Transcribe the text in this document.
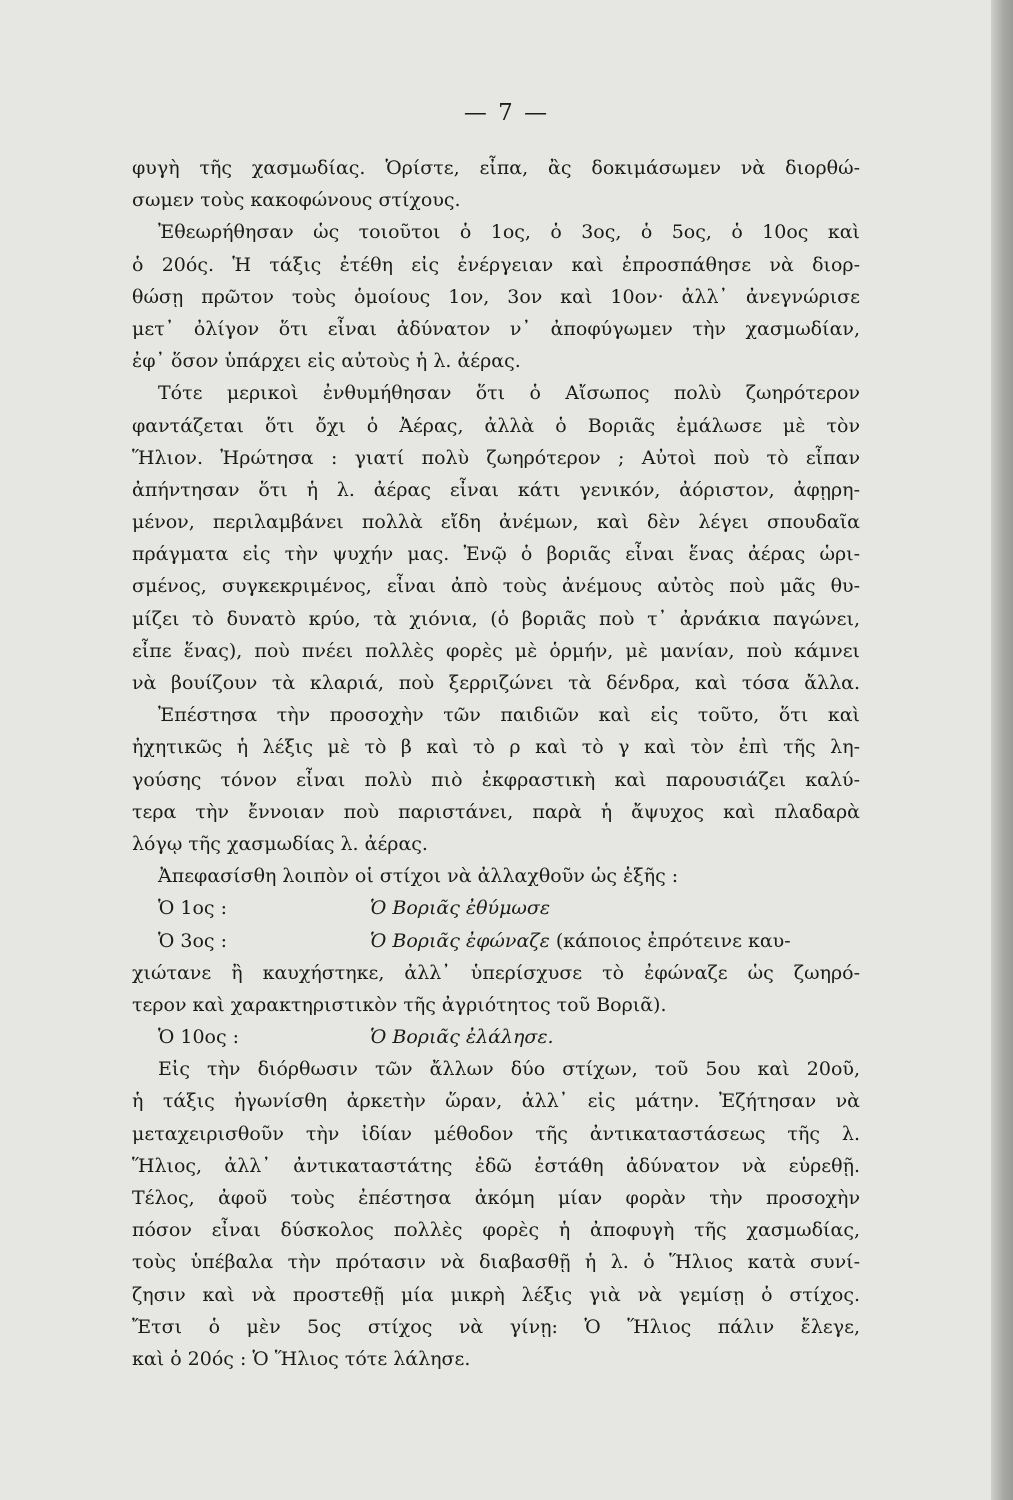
— 7 —
φυγὴ τῆς χασμωδίας. Ὁρίστε, εἶπα, ἂς δοκιμάσωμεν νὰ διορθώ-
σωμεν τοὺς κακοφώνους στίχους.
Ἐθεωρήθησαν ὡς τοιοῦτοι ὁ 1ος, ὁ 3ος, ὁ 5ος, ὁ 10ος καὶ
ὁ 20ός. Ἡ τάξις ἐτέθη εἰς ἐνέργειαν καὶ ἐπροσπάθησε νὰ διορ-
θώσῃ πρῶτον τοὺς ὁμοίους 1ον, 3ον καὶ 10ον· ἀλλ᾽ ἀνεγνώρισε
μετ᾽ ὀλίγον ὅτι εἶναι ἀδύνατον ν᾽ ἀποφύγωμεν τὴν χασμωδίαν,
ἐφ᾽ ὅσον ὑπάρχει εἰς αὐτοὺς ἡ λ. ἀέρας.
Τότε μερικοὶ ἐνθυμήθησαν ὅτι ὁ Αἴσωπος πολὺ ζωηρότερον
φαντάζεται ὅτι ὄχι ὁ Ἀέρας, ἀλλὰ ὁ Βοριᾶς ἐμάλωσε μὲ τὸν
Ἥλιον. Ἠρώτησα : γιατί πολὺ ζωηρότερον ; Αὐτοὶ ποὺ τὸ εἶπαν
ἀπήντησαν ὅτι ἡ λ. ἀέρας εἶναι κάτι γενικόν, ἀόριστον, ἀφῃρη-
μένον, περιλαμβάνει πολλὰ εἴδη ἀνέμων, καὶ δὲν λέγει σπουδαῖα
πράγματα εἰς τὴν ψυχήν μας. Ἐνῷ ὁ βοριᾶς εἶναι ἕνας ἀέρας ὡρι-
σμένος, συγκεκριμένος, εἶναι ἀπὸ τοὺς ἀνέμους αὐτὸς ποὺ μᾶς θυ-
μίζει τὸ δυνατὸ κρύο, τὰ χιόνια, (ὁ βοριᾶς ποὺ τ᾽ ἀρνάκια παγώνει,
εἶπε ἕνας), ποὺ πνέει πολλὲς φορὲς μὲ ὁρμήν, μὲ μανίαν, ποὺ κάμνει
νὰ βουίζουν τὰ κλαριά, ποὺ ξερριζώνει τὰ δένδρα, καὶ τόσα ἄλλα.
Ἐπέστησα τὴν προσοχὴν τῶν παιδιῶν καὶ εἰς τοῦτο, ὅτι καὶ
ἠχητικῶς ἡ λέξις μὲ τὸ β καὶ τὸ ρ καὶ τὸ γ καὶ τὸν ἐπὶ τῆς λη-
γούσης τόνον εἶναι πολὺ πιὸ ἐκφραστικὴ καὶ παρουσιάζει καλύ-
τερα τὴν ἔννοιαν ποὺ παριστάνει, παρὰ ἡ ἄψυχος καὶ πλαδαρὰ
λόγῳ τῆς χασμωδίας λ. ἀέρας.
Ἀπεφασίσθη λοιπὸν οἱ στίχοι νὰ ἀλλαχθοῦν ὡς ἑξῆς :
Ὁ 1ος :	Ὁ Βοριᾶς ἐθύμωσε
Ὁ 3ος :	Ὁ Βοριᾶς ἐφώναζε (κάποιος ἐπρότεινε καυ-
χιώτανε ἢ καυχήστηκε, ἀλλ᾽ ὑπερίσχυσε τὸ ἐφώναζε ὡς ζωηρό-
τερον καὶ χαρακτηριστικὸν τῆς ἀγριότητος τοῦ Βοριᾶ).
Ὁ 10ος :	Ὁ Βοριᾶς ἐλάλησε.
Εἰς τὴν διόρθωσιν τῶν ἄλλων δύο στίχων, τοῦ 5ου καὶ 20οῦ,
ἡ τάξις ἠγωνίσθη ἀρκετὴν ὥραν, ἀλλ᾽ εἰς μάτην. Ἐζήτησαν νὰ
μεταχειρισθοῦν τὴν ἰδίαν μέθοδον τῆς ἀντικαταστάσεως τῆς λ.
Ἥλιος, ἀλλ᾽ ἀντικαταστάτης ἐδῶ ἐστάθη ἀδύνατον νὰ εὑρεθῇ.
Τέλος, ἀφοῦ τοὺς ἐπέστησα ἀκόμη μίαν φορὰν τὴν προσοχὴν
πόσον εἶναι δύσκολος πολλὲς φορὲς ἡ ἀποφυγὴ τῆς χασμωδίας,
τοὺς ὑπέβαλα τὴν πρότασιν νὰ διαβασθῇ ἡ λ. ὁ Ἥλιος κατὰ συνί-
ζησιν καὶ νὰ προστεθῇ μία μικρὴ λέξις γιὰ νὰ γεμίσῃ ὁ στίχος.
Ἔτσι ὁ μὲν 5ος στίχος νὰ γίνῃ: Ὁ Ἥλιος πάλιν ἔλεγε,
καὶ ὁ 20ός : Ὁ Ἥλιος τότε λάλησε.
